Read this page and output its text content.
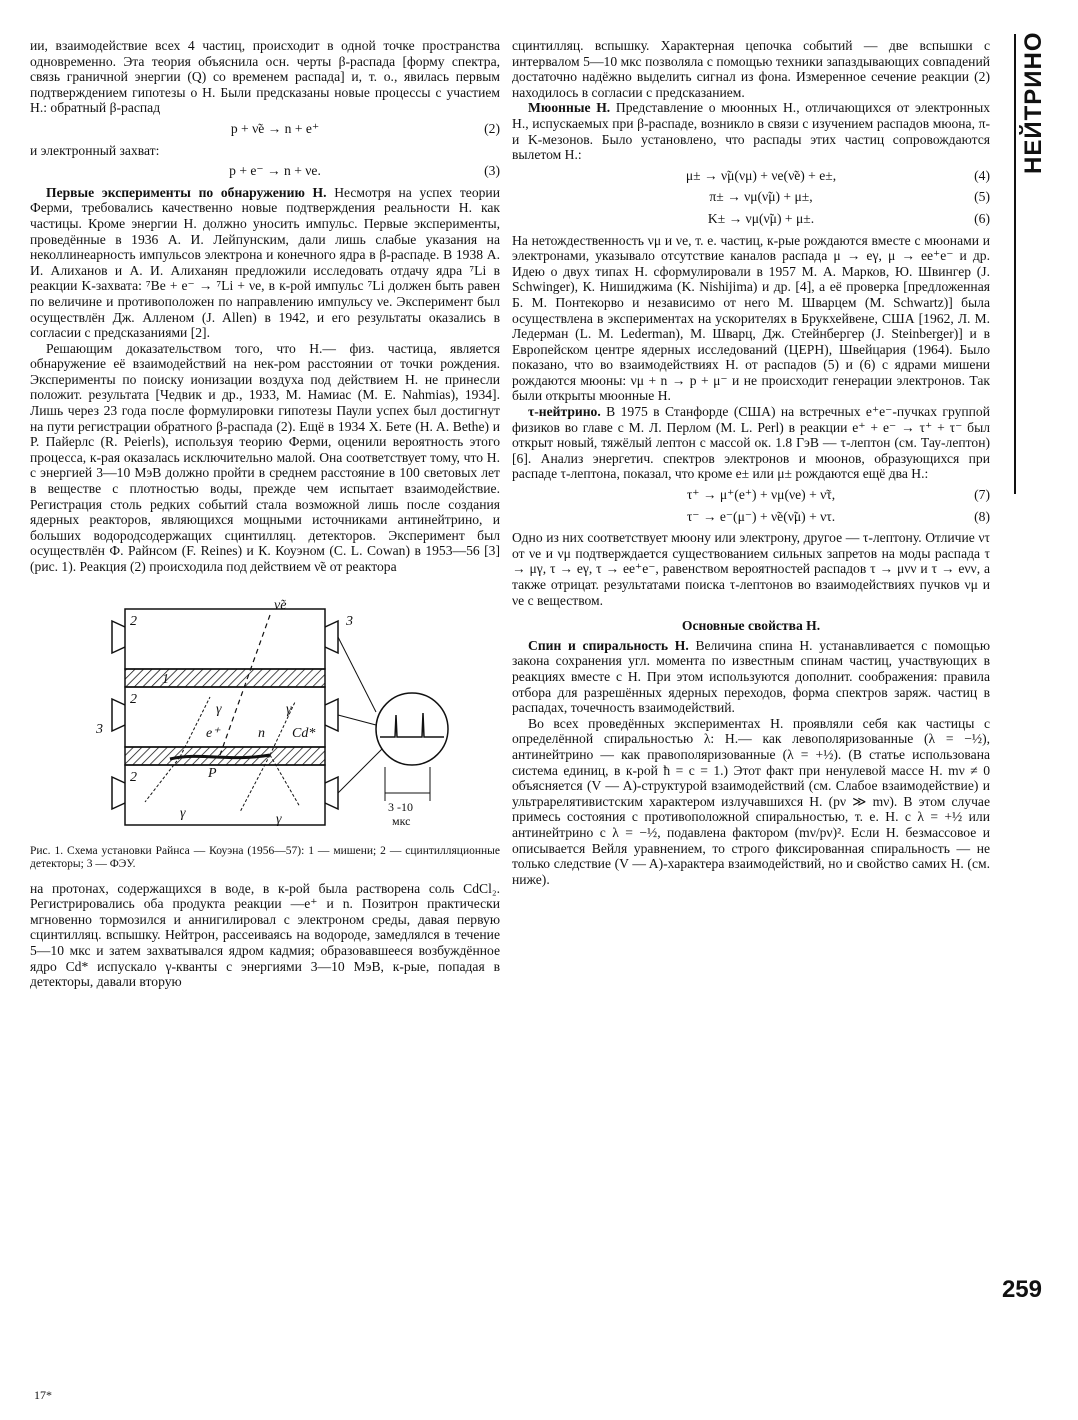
НЕЙТРИНО

ии, взаимодействие всех 4 частиц, происходит в одной точке пространства одновременно. Эта теория объяснила осн. черты β-распада [форму спектра, связь граничной энергии (Q) со временем распада] и, т. о., явилась первым подтверждением гипотезы о Н. Были предсказаны новые процессы с участием Н.: обратный β-распад

p + ν̃e → n + e⁺	(2)

и электронный захват:

p + e⁻ → n + νe.	(3)

Первые эксперименты по обнаружению Н. Несмотря на успех теории Ферми, требовались качественно новые подтверждения реальности Н. как частицы. Кроме энергии Н. должно уносить импульс. Первые эксперименты, проведённые в 1936 А. И. Лейпунским, дали лишь слабые указания на неколлинеарность импульсов электрона и конечного ядра в β-распаде. В 1938 А. И. Алиханов и А. И. Алиханян предложили исследовать отдачу ядра ⁷Li в реакции K-захвата: ⁷Be + e⁻ → ⁷Li + νe, в к-рой импульс ⁷Li должен быть равен по величине и противоположен по направлению импульсу νe. Эксперимент был осуществлён Дж. Алленом (J. Allen) в 1942, и его результаты оказались в согласии с предсказаниями [2].

Решающим доказательством того, что Н.— физ. частица, является обнаружение её взаимодействий на нек-ром расстоянии от точки рождения. Эксперименты по поиску ионизации воздуха под действием Н. не принесли положит. результата [Чедвик и др., 1933, М. Намиас (М. Е. Nahmias), 1934]. Лишь через 23 года после формулировки гипотезы Паули успех был достигнут на пути регистрации обратного β-распада (2). Ещё в 1934 X. Бете (H. A. Bethe) и Р. Пайерлс (R. Peierls), используя теорию Ферми, оценили вероятность этого процесса, к-рая оказалась исключительно малой. Она соответствует тому, что Н. с энергией 3—10 МэВ должно пройти в среднем расстояние в 100 световых лет в веществе с плотностью воды, прежде чем испытает взаимодействие. Регистрация столь редких событий стала возможной лишь после создания ядерных реакторов, являющихся мощными источниками антинейтрино, и больших водородсодержащих сцинтилляц. детекторов. Эксперимент был осуществлён Ф. Райнсом (F. Reines) и К. Коуэном (C. L. Cowan) в 1953—56 [3] (рис. 1). Реакция (2) происходила под действием ν̃e от реактора

ν̃e
2	3
1
2
3
γ	γ
e⁺	n Cd*
P
2
γ	γ
3 -10
мкс

Рис. 1. Схема установки Райнса — Коуэна (1956—57): 1 — мишени; 2 — сцинтилляционные детекторы; 3 — ФЭУ.

на протонах, содержащихся в воде, в к-рой была растворена соль CdCl₂. Регистрировались оба продукта реакции —e⁺ и n. Позитрон практически мгновенно тормозился и аннигилировал с электроном среды, давая первую сцинтилляц. вспышку. Нейтрон, рассеиваясь на водороде, замедлялся в течение 5—10 мкс и затем захватывался ядром кадмия; образовавшееся возбуждённое ядро Cd* испускало γ-кванты с энергиями 3—10 МэВ, к-рые, попадая в детекторы, давали вторую

сцинтилляц. вспышку. Характерная цепочка событий — две вспышки с интервалом 5—10 мкс позволяла с помощью техники запаздывающих совпадений достаточно надёжно выделить сигнал из фона. Измеренное сечение реакции (2) находилось в согласии с предсказанием.

Мюонные Н. Представление о мюонных Н., отличающихся от электронных Н., испускаемых при β-распаде, возникло в связи с изучением распадов мюона, π- и K-мезонов. Было установлено, что распады этих частиц сопровождаются вылетом Н.:

μ± → ν̃μ(νμ) + νe(ν̃e) + e±,	(4)
π± → νμ(ν̃μ) + μ±,	(5)
K± → νμ(ν̃μ) + μ±.	(6)

На нетождественность νμ и νe, т. е. частиц, к-рые рождаются вместе с мюонами и электронами, указывало отсутствие каналов распада μ → eγ, μ → ee⁺e⁻ и др. Идею о двух типах Н. сформулировали в 1957 М. А. Марков, Ю. Швингер (J. Schwinger), К. Нишиджима (K. Nishijima) и др. [4], а её проверка [предложенная Б. М. Понтекорво и независимо от него М. Шварцем (M. Schwartz)] была осуществлена в экспериментах на ускорителях в Брукхейвене, США [1962, Л. М. Ледерман (L. M. Lederman), М. Шварц, Дж. Стейнбергер (J. Steinberger)] и в Европейском центре ядерных исследований (ЦЕРН), Швейцария (1964). Было показано, что во взаимодействиях Н. от распадов (5) и (6) с ядрами мишени рождаются мюоны: νμ + n → p + μ⁻ и не происходит генерации электронов. Так были открыты мюонные Н.

τ-нейтрино. В 1975 в Станфорде (США) на встречных e⁺e⁻-пучках группой физиков во главе с М. Л. Перлом (M. L. Perl) в реакции e⁺ + e⁻ → τ⁺ + τ⁻ был открыт новый, тяжёлый лептон с массой ок. 1.8 ГэВ — τ-лептон (см. Тау-лептон) [6]. Анализ энергетич. спектров электронов и мюонов, образующихся при распаде τ-лептона, показал, что кроме e± или μ± рождаются ещё два Н.:

τ⁺ → μ⁺(e⁺) + νμ(νe) + ν̃τ,	(7)
τ⁻ → e⁻(μ⁻) + ν̃e(ν̃μ) + ντ.	(8)

Одно из них соответствует мюону или электрону, другое — τ-лептону. Отличие ντ от νe и νμ подтверждается существованием сильных запретов на моды распада τ → μγ, τ → eγ, τ → ee⁺e⁻, равенством вероятностей распадов τ → μνν и τ → eνν, а также отрицат. результатами поиска τ-лептонов во взаимодействиях пучков νμ и νe с веществом.

Основные свойства Н.

Спин и спиральность Н. Величина спина Н. устанавливается с помощью закона сохранения угл. момента по известным спинам частиц, участвующих в реакциях вместе с Н. При этом используются дополнит. соображения: правила отбора для разрешённых ядерных переходов, форма спектров заряж. частиц в распадах, точечность взаимодействий.

Во всех проведённых экспериментах Н. проявляли себя как частицы с определённой спиральностью λ: Н.— как левополяризованные (λ = −½), антинейтрино — как правополяризованные (λ = +½). (В статье использована система единиц, в к-рой ħ = c = 1.) Этот факт при ненулевой массе Н. mν ≠ 0 объясняется (V — A)-структурой взаимодействий (см. Слабое взаимодействие) и ультрарелятивистским характером излучавшихся Н. (pν ≫ mν). В этом случае примесь состояния с противоположной спиральностью, т. е. Н. с λ = +½ или антинейтрино с λ = −½, подавлена фактором (mν/pν)². Если Н. безмассовое и описывается Вейля уравнением, то строго фиксированная спиральность — не только следствие (V — A)-характера взаимодействий, но и свойство самих Н. (см. ниже).

259
17*
